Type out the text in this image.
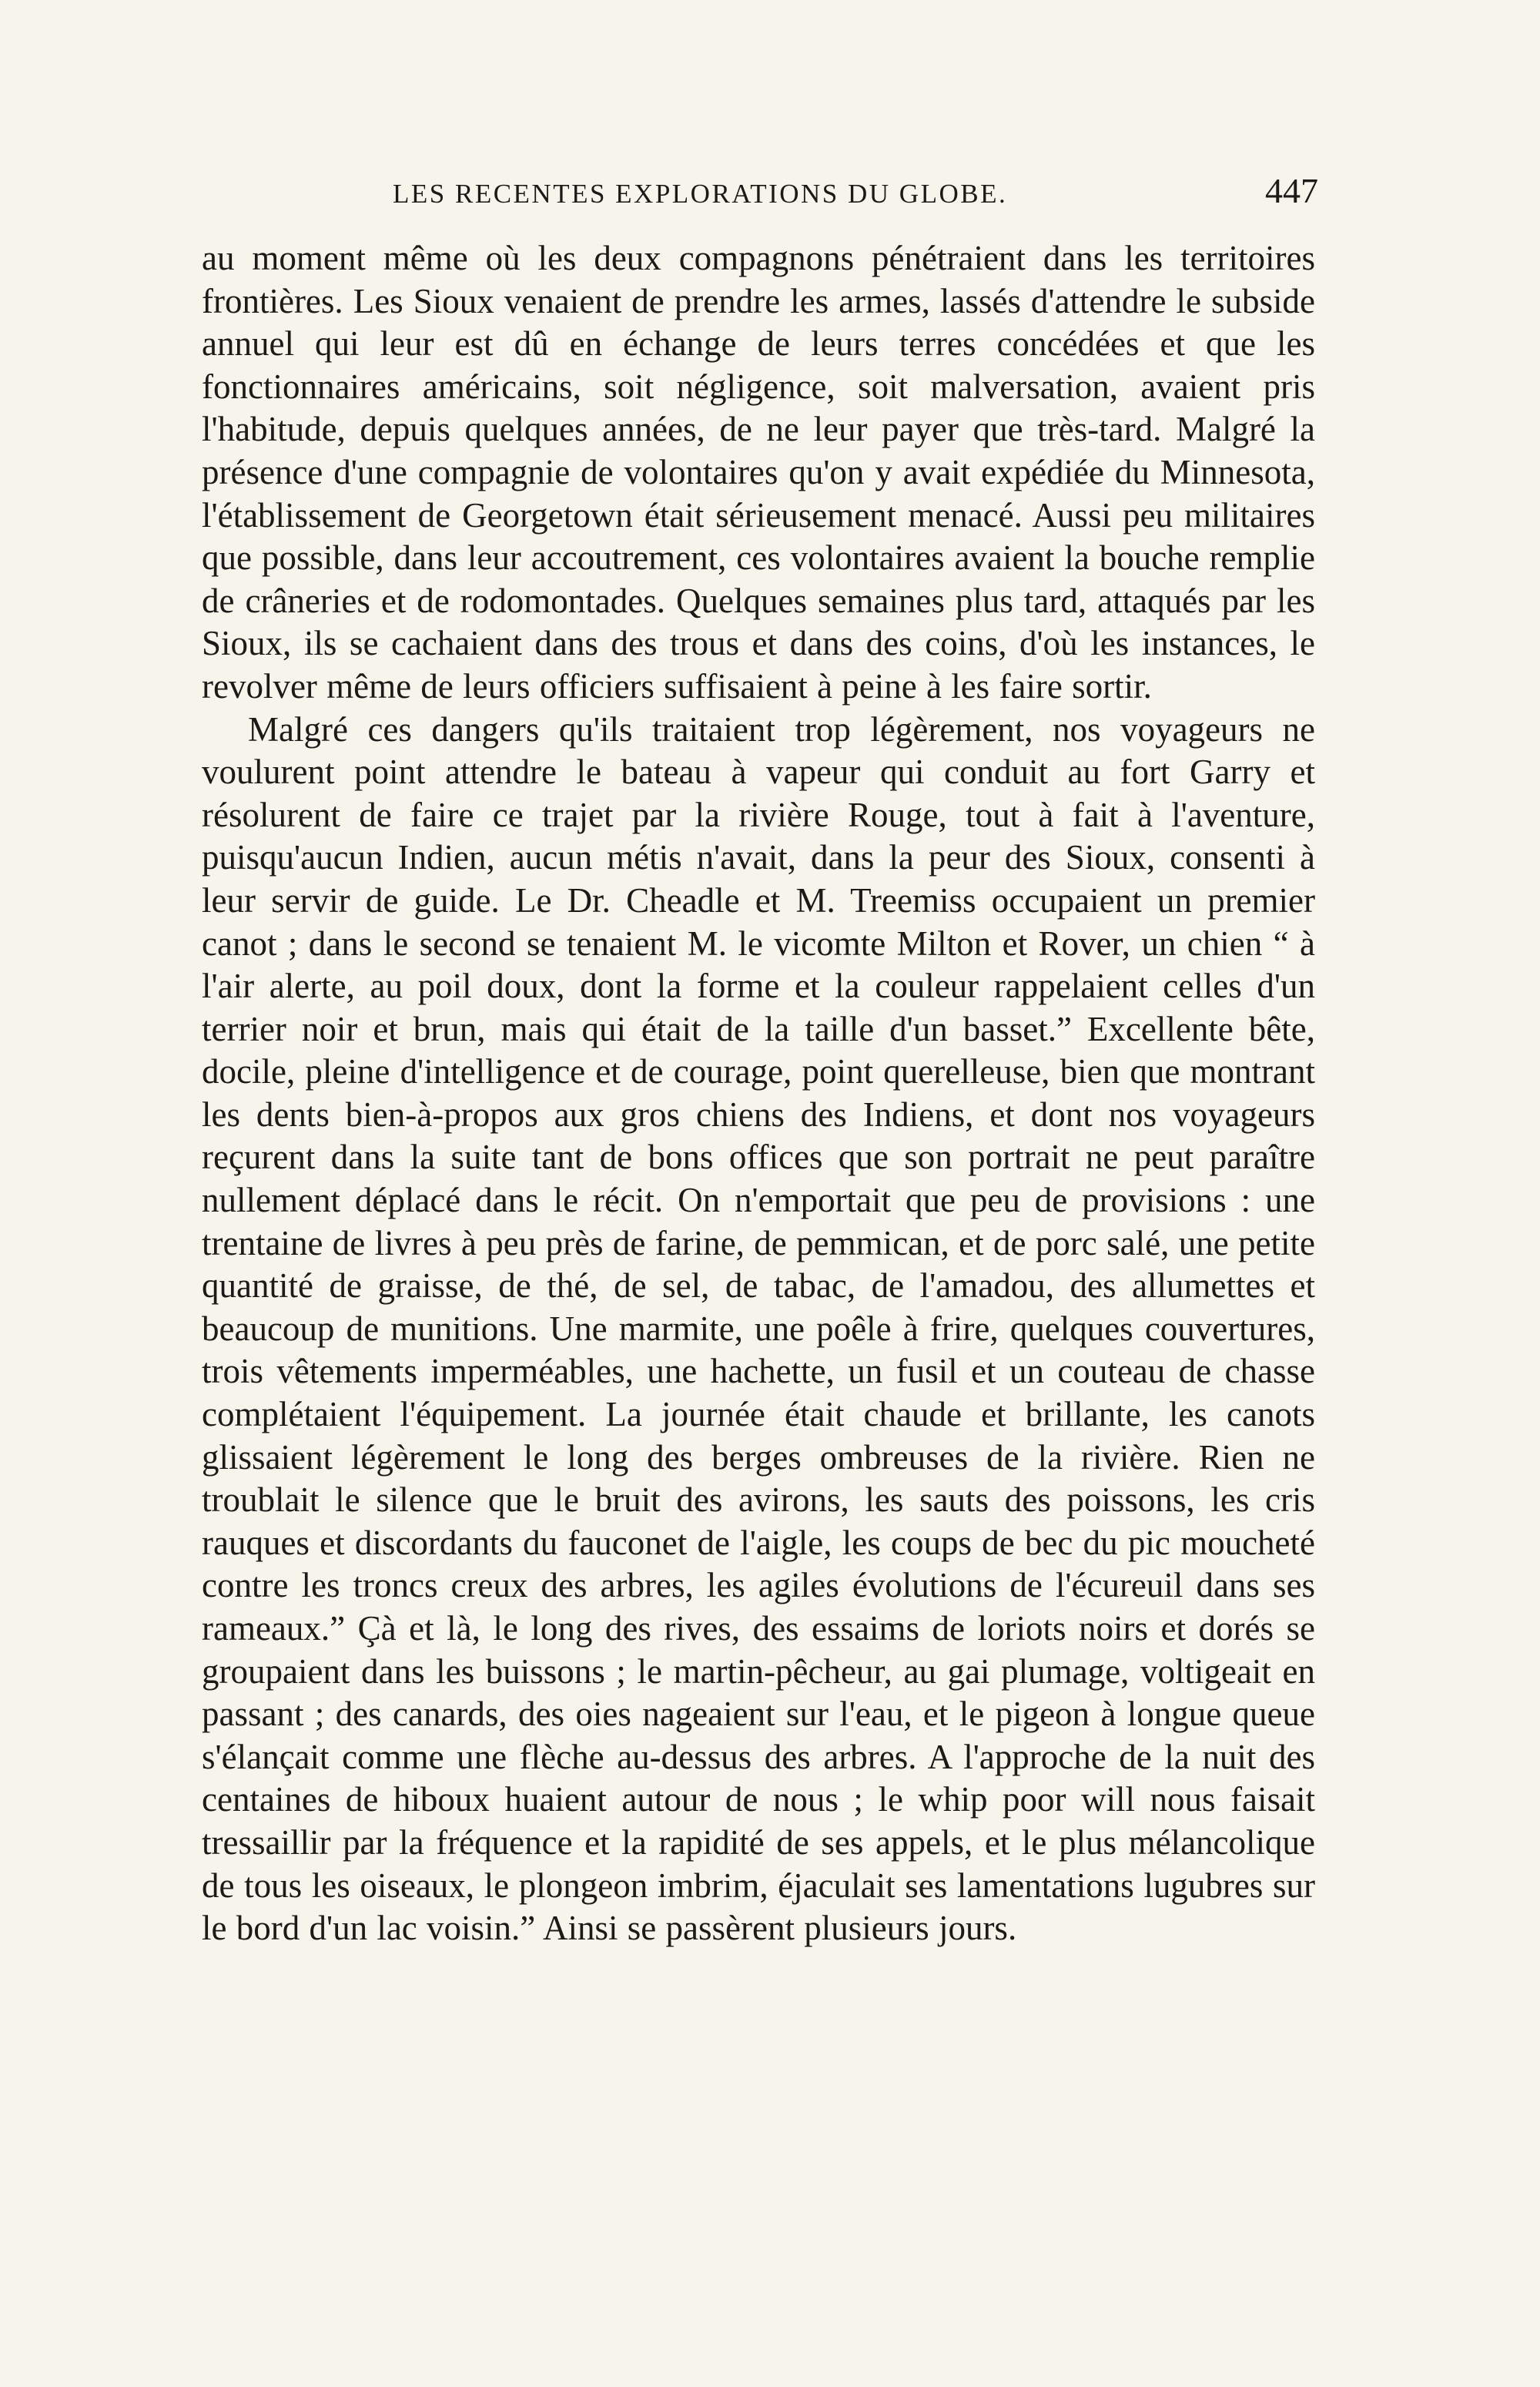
LES RECENTES EXPLORATIONS DU GLOBE.	447

au moment même où les deux compagnons pénétraient dans les territoires frontières. Les Sioux venaient de prendre les armes, lassés d'attendre le subside annuel qui leur est dû en échange de leurs terres concédées et que les fonctionnaires américains, soit négligence, soit malversation, avaient pris l'habitude, depuis quelques années, de ne leur payer que très-tard. Malgré la présence d'une compagnie de volontaires qu'on y avait expédiée du Minnesota, l'établissement de Georgetown était sérieusement menacé. Aussi peu militaires que possible, dans leur accoutrement, ces volontaires avaient la bouche remplie de crâneries et de rodomontades. Quelques semaines plus tard, attaqués par les Sioux, ils se cachaient dans des trous et dans des coins, d'où les instances, le revolver même de leurs officiers suffisaient à peine à les faire sortir.

Malgré ces dangers qu'ils traitaient trop légèrement, nos voyageurs ne voulurent point attendre le bateau à vapeur qui conduit au fort Garry et résolurent de faire ce trajet par la rivière Rouge, tout à fait à l'aventure, puisqu'aucun Indien, aucun métis n'avait, dans la peur des Sioux, consenti à leur servir de guide. Le Dr. Cheadle et M. Treemiss occupaient un premier canot ; dans le second se tenaient M. le vicomte Milton et Rover, un chien “ à l'air alerte, au poil doux, dont la forme et la couleur rappelaient celles d'un terrier noir et brun, mais qui était de la taille d'un basset.” Excellente bête, docile, pleine d'intelligence et de courage, point querelleuse, bien que montrant les dents bien-à-propos aux gros chiens des Indiens, et dont nos voyageurs reçurent dans la suite tant de bons offices que son portrait ne peut paraître nullement déplacé dans le récit. On n'emportait que peu de provisions : une trentaine de livres à peu près de farine, de pemmican, et de porc salé, une petite quantité de graisse, de thé, de sel, de tabac, de l'amadou, des allumettes et beaucoup de munitions. Une marmite, une poêle à frire, quelques couvertures, trois vêtements imperméables, une hachette, un fusil et un couteau de chasse complétaient l'équipement. La journée était chaude et brillante, les canots glissaient légèrement le long des berges ombreuses de la rivière. Rien ne troublait le silence que le bruit des avirons, les sauts des poissons, les cris rauques et discordants du fauconet de l'aigle, les coups de bec du pic moucheté contre les troncs creux des arbres, les agiles évolutions de l'écureuil dans ses rameaux.” Çà et là, le long des rives, des essaims de loriots noirs et dorés se groupaient dans les buissons ; le martin-pêcheur, au gai plumage, voltigeait en passant ; des canards, des oies nageaient sur l'eau, et le pigeon à longue queue s'élançait comme une flèche au-dessus des arbres. A l'approche de la nuit des centaines de hiboux huaient autour de nous ; le whip poor will nous faisait tressaillir par la fréquence et la rapidité de ses appels, et le plus mélancolique de tous les oiseaux, le plongeon imbrim, éjaculait ses lamentations lugubres sur le bord d'un lac voisin.” Ainsi se passèrent plusieurs jours.
